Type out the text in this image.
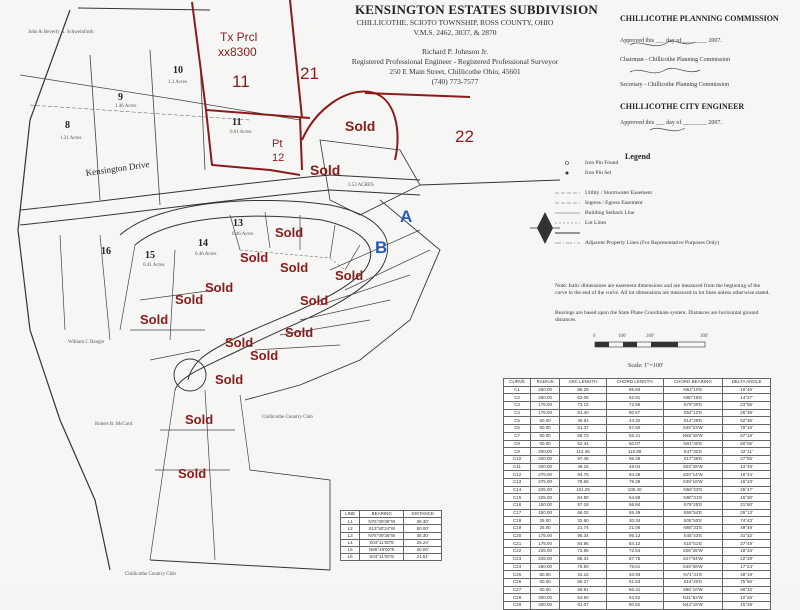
KENSINGTON ESTATES SUBDIVISION
CHILLICOTHE, SCIOTO TOWNSHIP, ROSS COUNTY, OHIO
V.M.S. 2462, 3037, & 2870
Richard P. Johnson Jr.
Registered Professional Engineer - Registered Professional Surveyor
250 E Main Street, Chillicothe Ohio, 45601
(740) 773-7577
Tx Prcl
xx8300
11	21
22
Sold
Sold
Pt
12
Sold
Sold
Sold
Sold
Sold
Sold	Sold
Sold
Sold
Sold
Sold
Sold
Sold
Sold
A
B
Kensington Drive
8
9
10
11
13
14
15
16
1.31 Acres
1.46 Acres
1.3 Acres
0.61 Acres
3.53 ACRES
0.46 Acres
0.46 Acres
0.41 Acres
John & Beverly A. Schweinfurth
William C Bauger
Robert B. McCord
Chillicothe Country Club
Chillicothe Country Club
CHILLICOTHE PLANNING COMMISSION
Approved this ___ day of ________ 2007.
Chairman - Chillicothe Planning Commission
Secretary - Chillicothe Planning Commission
CHILLICOTHE CITY ENGINEER
Approved this ___ day of ________ 2007.
Legend
Iron Pin Found
Iron Pin Set
Utility / Stormwater Easement
Ingress / Egress Easement
Building Setback Line
Lot Lines
Adjacent Property Lines (For Representative Purposes Only)
Note: Italic dimensions are easement dimensions and are measured from the beginning of the curve to the end of the curve. All lot dimensions are measured to lot lines unless otherwise stated.
Bearings are based upon the State Plane Coordinate system. Distances are horizontal ground distances.
0	100'	200'	300'
Scale: 1"=100'
CURVE	RADIUS	ARC LENGTH	CHORD LENGTH	CHORD BEARING	DELTA ANGLE
C1	250.00	86.26	85.83	N63°10'E	19°46'
C2	250.00	63.08	62.91	N80°18'E	14°27'
C3	175.00	73.12	72.59	S79°30'E	23°56'
C4	175.00	81.40	80.67	S54°12'E	26°39'
C5	50.00	45.91	44.32	S14°29'E	52°36'
C6	50.00	61.37	57.60	S46°23'W	70°19'
C7	50.00	58.73	55.41	N65°18'W	67°18'
C8	50.00	52.44	50.07	N01°40'E	60°05'
C9	200.00	112.36	110.89	S47°32'E	32°11'
C10	200.00	97.45	96.49	S17°36'E	27°55'
C11	200.00	48.16	48.04	S03°28'W	13°48'
C12	275.00	94.75	94.29	S20°14'W	19°44'
C13	275.00	78.66	78.39	S38°18'W	16°23'
C14	225.00	101.25	100.40	N59°22'E	25°47'
C15	225.00	64.80	64.58	N80°31'E	16°30'
C16	150.00	57.18	56.84	S79°25'E	21°50'
C17	150.00	66.02	65.49	S55°54'E	25°13'
C18	25.00	32.60	30.34	S05°50'E	74°43'
C19	25.00	21.74	21.06	N68°33'E	49°49'
C20	175.00	96.34	95.13	S45°43'E	31°32'
C21	175.00	84.95	84.12	S15°51'E	27°49'
C22	225.00	72.86	72.54	S06°28'W	18°33'
C23	225.00	88.31	87.75	S27°04'W	22°29'
C24	250.00	75.90	75.61	S46°58'W	17°24'
C25	50.00	42.16	40.93	N71°41'E	48°19'
C26	50.00	66.27	61.53	S14°20'E	75°56'
C27	50.00	59.81	56.31	S86°10'W	68°32'
C28	300.00	54.60	54.52	N31°52'W	10°26'
C29	300.00	81.07	80.82	N44°19'W	15°29'
LINE	BEARING	DISTANCE
L1	N76°09'36"W	36.30'
L2	S13°50'24"W	50.00'
L3	N76°09'36"W	36.30'
L4	S04°11'00"E	25.24'
L5	N85°49'00"E	20.00'
L6	S04°11'00"E	21.51'
